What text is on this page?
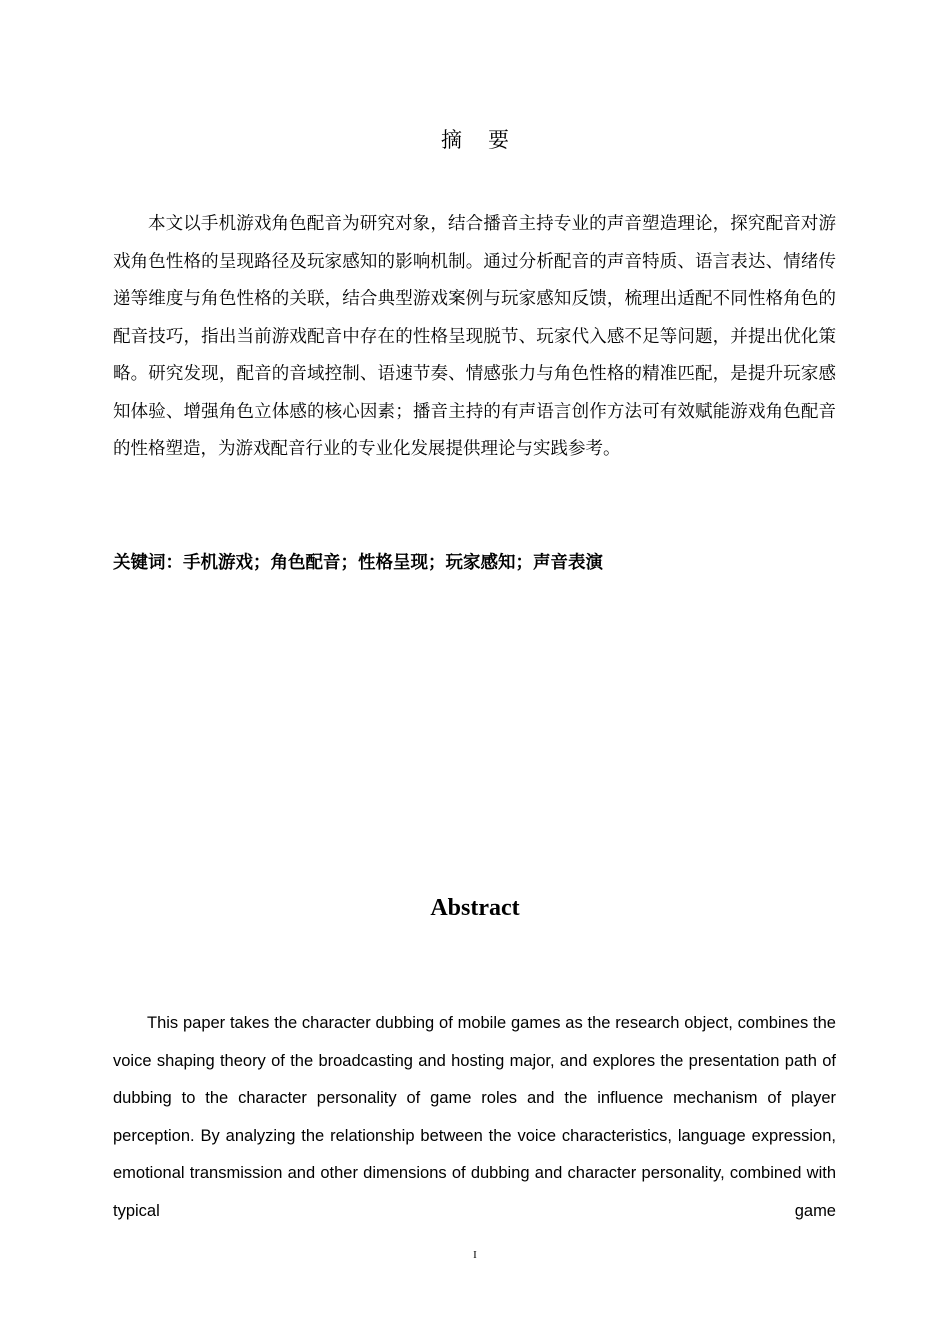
摘要

本文以手机游戏角色配音为研究对象，结合播音主持专业的声音塑造理论，探究配音对游戏角色性格的呈现路径及玩家感知的影响机制。通过分析配音的声音特质、语言表达、情绪传递等维度与角色性格的关联，结合典型游戏案例与玩家感知反馈，梳理出适配不同性格角色的配音技巧，指出当前游戏配音中存在的性格呈现脱节、玩家代入感不足等问题，并提出优化策略。研究发现，配音的音域控制、语速节奏、情感张力与角色性格的精准匹配，是提升玩家感知体验、增强角色立体感的核心因素；播音主持的有声语言创作方法可有效赋能游戏角色配音的性格塑造，为游戏配音行业的专业化发展提供理论与实践参考。

关键词：手机游戏；角色配音；性格呈现；玩家感知；声音表演

Abstract

This paper takes the character dubbing of mobile games as the research object, combines the voice shaping theory of the broadcasting and hosting major, and explores the presentation path of dubbing to the character personality of game roles and the influence mechanism of player perception. By analyzing the relationship between the voice characteristics, language expression, emotional transmission and other dimensions of dubbing and character personality, combined with typical game

I
